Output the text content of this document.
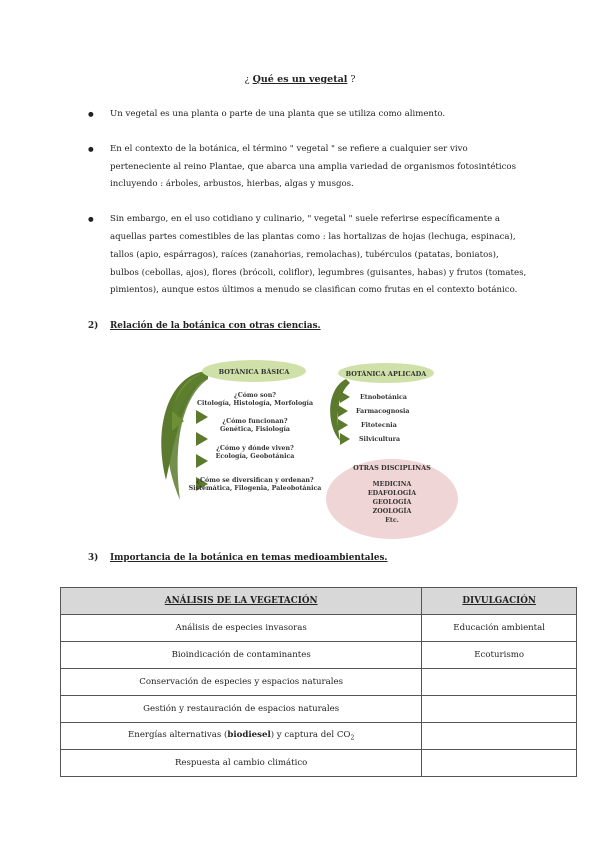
¿ Qué es un vegetal ?
● Un vegetal es una planta o parte de una planta que se utiliza como alimento.
● En el contexto de la botánica, el término " vegetal " se refiere a cualquier ser vivo perteneciente al reino Plantae, que abarca una amplia variedad de organismos fotosintéticos incluyendo : árboles, arbustos, hierbas, algas y musgos.
● Sin embargo, en el uso cotidiano y culinario, " vegetal " suele referirse específicamente a aquellas partes comestibles de las plantas como : las hortalizas de hojas (lechuga, espinaca), tallos (apio, espárragos), raíces (zanahorias, remolachas), tubérculos (patatas, boniatos), bulbos (cebollas, ajos), flores (brócoli, coliflor), legumbres (guisantes, habas) y frutos (tomates, pimientos), aunque estos últimos a menudo se clasifican como frutas en el contexto botánico.
2) Relación de la botánica con otras ciencias.
BOTÁNICA BÁSICA
¿Cómo son?
Citología, Histología, Morfología
¿Cómo funcionan?
Genética, Fisiología
¿Cómo y dónde viven?
Ecología, Geobotánica
¿Cómo se diversifican y ordenan?
Sistemática, Filogenia, Paleobotánica
BOTÁNICA APLICADA
Etnobotánica
Farmacognosia
Fitotecnia
Silvicultura
OTRAS DISCIPLINAS
MEDICINA
EDAFOLOGÍA
GEOLOGÍA
ZOOLOGÍA
Etc.
3) Importancia de la botánica en temas medioambientales.
ANÁLISIS DE LA VEGETACIÓN	DIVULGACIÓN
Análisis de especies invasoras	Educación ambiental
Bioindicación de contaminantes	Ecoturismo
Conservación de especies y espacios naturales	
Gestión y restauración de espacios naturales	
Energías alternativas (biodiesel) y captura del $CO_2$	
Respuesta al cambio climático	
